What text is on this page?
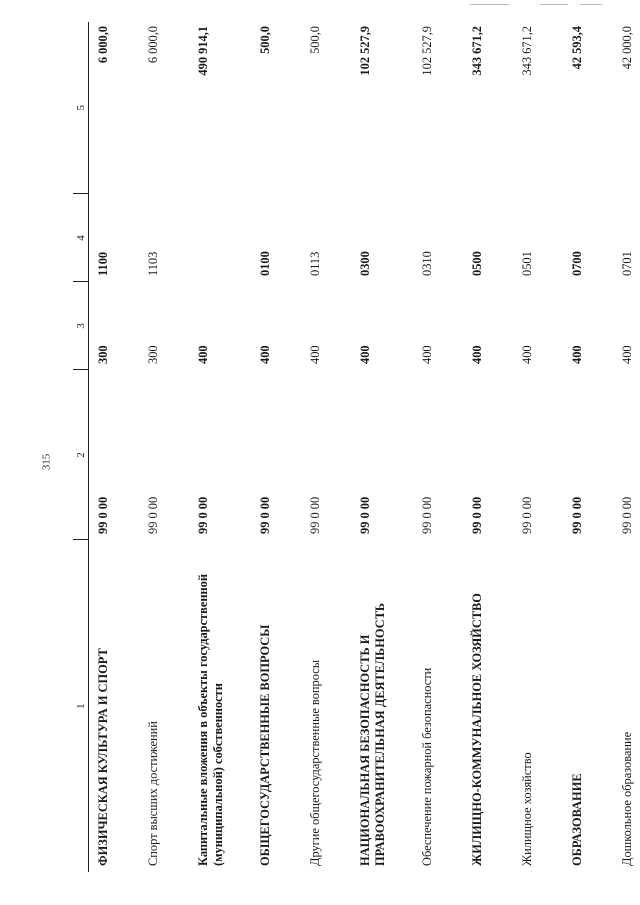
315
1	2	3	4	5
ФИЗИЧЕСКАЯ КУЛЬТУРА И СПОРТ	99 0 00	300	1100	6 000,0
Спорт высших достижений	99 0 00	300	1103	6 000,0
Капитальные вложения в объекты государственной (муниципальной) собственности	99 0 00	400		490 914,1
ОБЩЕГОСУДАРСТВЕННЫЕ ВОПРОСЫ	99 0 00	400	0100	500,0
Другие общегосударственные вопросы	99 0 00	400	0113	500,0
НАЦИОНАЛЬНАЯ БЕЗОПАСНОСТЬ И ПРАВООХРАНИТЕЛЬНАЯ ДЕЯТЕЛЬНОСТЬ	99 0 00	400	0300	102 527,9
Обеспечение пожарной безопасности	99 0 00	400	0310	102 527,9
ЖИЛИЩНО-КОММУНАЛЬНОЕ ХОЗЯЙСТВО	99 0 00	400	0500	343 671,2
Жилищное хозяйство	99 0 00	400	0501	343 671,2
ОБРАЗОВАНИЕ	99 0 00	400	0700	42 593,4
Дошкольное образование	99 0 00	400	0701	42 000,0
